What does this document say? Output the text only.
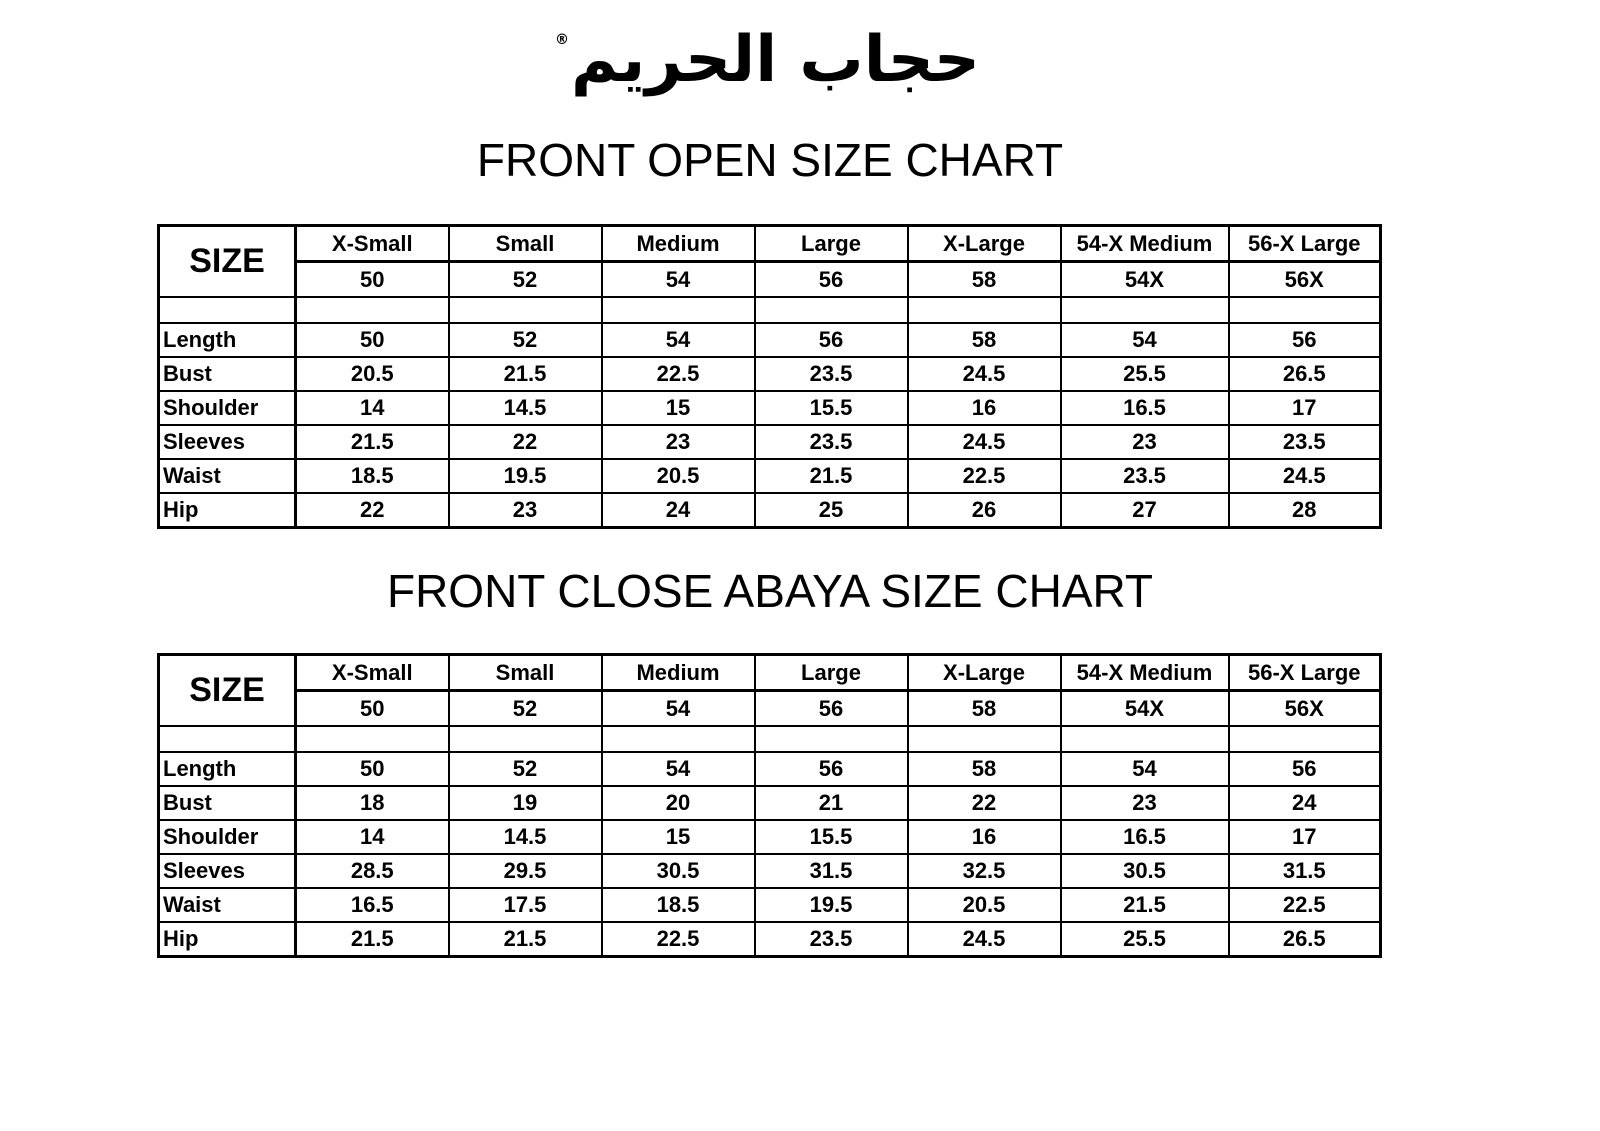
حجاب الحريم®
FRONT OPEN SIZE CHART
SIZE	X-Small	Small	Medium	Large	X-Large	54-X Medium	56-X Large
	50	52	54	56	58	54X	56X

Length	50	52	54	56	58	54	56
Bust	20.5	21.5	22.5	23.5	24.5	25.5	26.5
Shoulder	14	14.5	15	15.5	16	16.5	17
Sleeves	21.5	22	23	23.5	24.5	23	23.5
Waist	18.5	19.5	20.5	21.5	22.5	23.5	24.5
Hip	22	23	24	25	26	27	28
FRONT CLOSE ABAYA SIZE CHART
SIZE	X-Small	Small	Medium	Large	X-Large	54-X Medium	56-X Large
	50	52	54	56	58	54X	56X

Length	50	52	54	56	58	54	56
Bust	18	19	20	21	22	23	24
Shoulder	14	14.5	15	15.5	16	16.5	17
Sleeves	28.5	29.5	30.5	31.5	32.5	30.5	31.5
Waist	16.5	17.5	18.5	19.5	20.5	21.5	22.5
Hip	21.5	21.5	22.5	23.5	24.5	25.5	26.5
